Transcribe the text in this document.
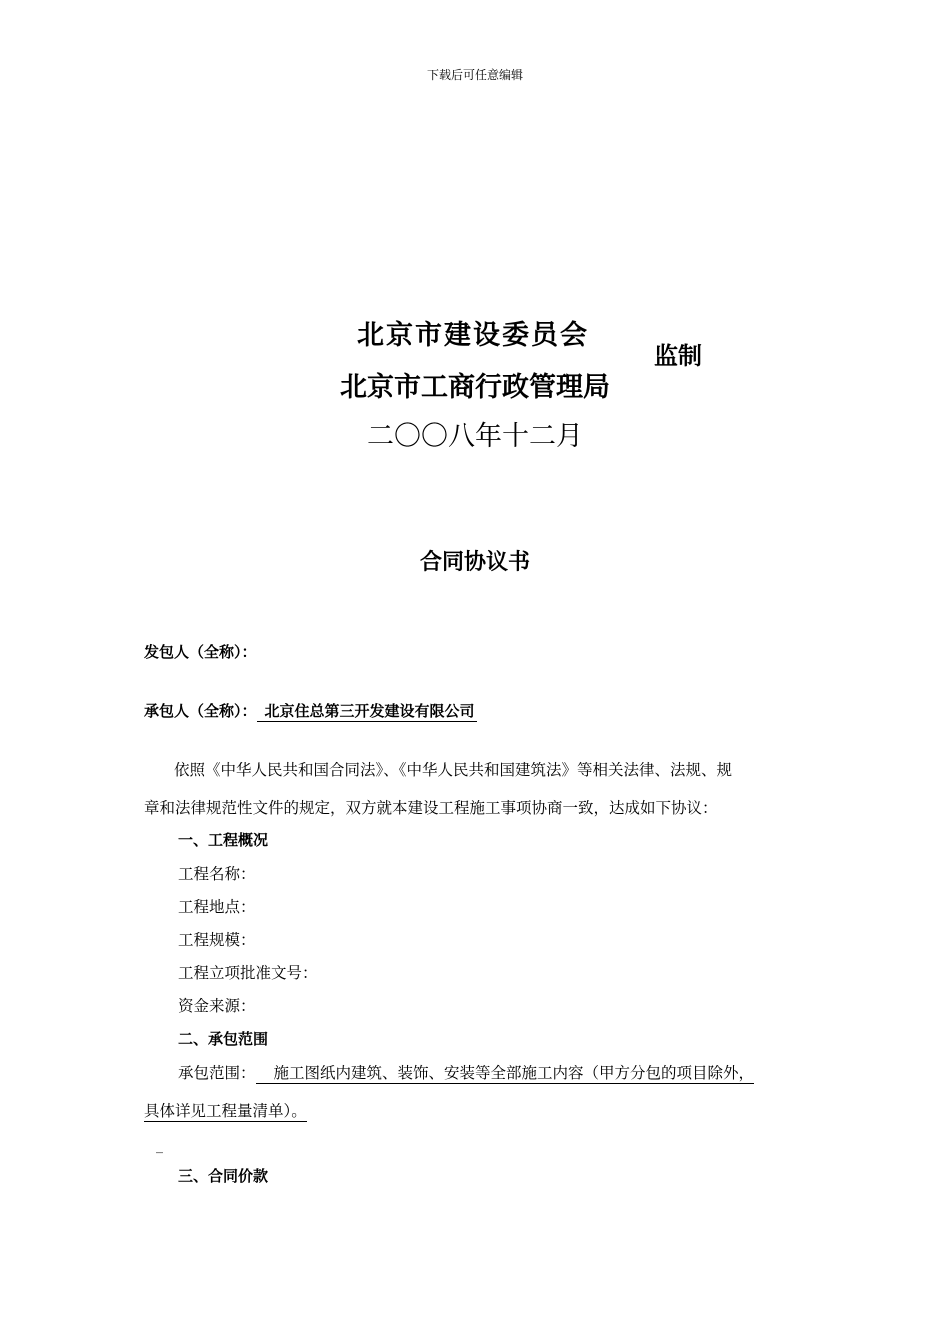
下载后可任意编辑
北京市建设委员会
北京市工商行政管理局
二〇〇八年十二月
监制
合同协议书
发包人（全称）：
承包人（全称）： 北京住总第三开发建设有限公司
依照《中华人民共和国合同法》、《中华人民共和国建筑法》等相关法律、法规、规
章和法律规范性文件的规定，双方就本建设工程施工事项协商一致，达成如下协议：
一、工程概况
工程名称：
工程地点：
工程规模：
工程立项批准文号：
资金来源：
二、承包范围
承包范围： 施工图纸内建筑、装饰、安装等全部施工内容（甲方分包的项目除外，
具体详见工程量清单）。
_
三、合同价款
